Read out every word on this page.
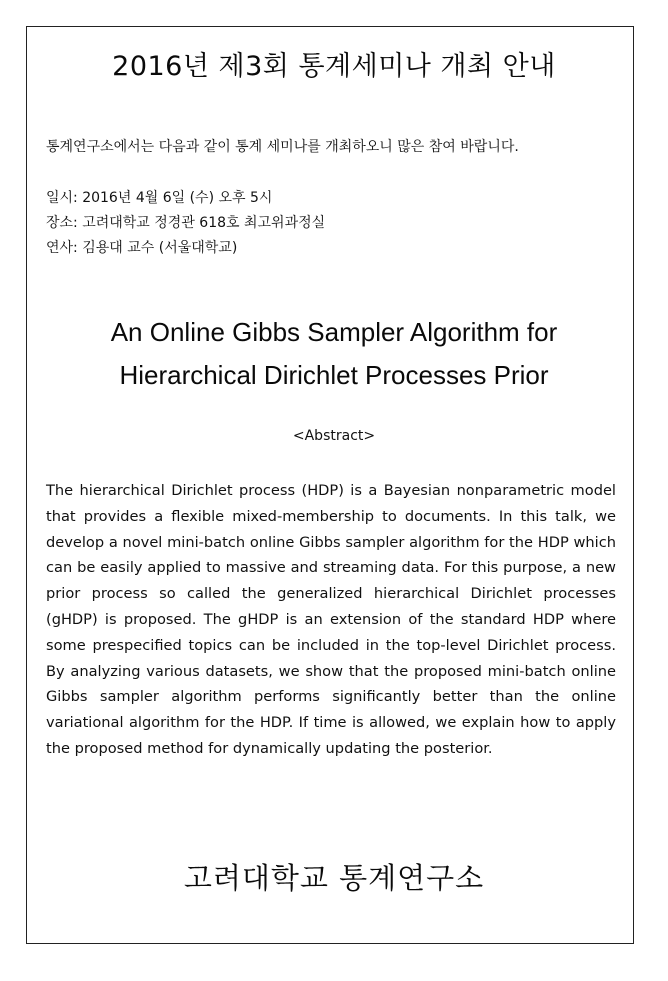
2016년 제3회 통계세미나 개최 안내
통계연구소에서는 다음과 같이 통계 세미나를 개최하오니 많은 참여 바랍니다.
일시: 2016년 4월 6일 (수) 오후 5시
장소: 고려대학교 정경관 618호 최고위과정실
연사: 김용대 교수 (서울대학교)
An Online Gibbs Sampler Algorithm for
Hierarchical Dirichlet Processes Prior
<Abstract>
The hierarchical Dirichlet process (HDP) is a Bayesian nonparametric model that provides a flexible mixed-membership to documents. In this talk, we develop a novel mini-batch online Gibbs sampler algorithm for the HDP which can be easily applied to massive and streaming data. For this purpose, a new prior process so called the generalized hierarchical Dirichlet processes (gHDP) is proposed. The gHDP is an extension of the standard HDP where some prespecified topics can be included in the top-level Dirichlet process. By analyzing various datasets, we show that the proposed mini-batch online Gibbs sampler algorithm performs significantly better than the online variational algorithm for the HDP. If time is allowed, we explain how to apply the proposed method for dynamically updating the posterior.
고려대학교 통계연구소
